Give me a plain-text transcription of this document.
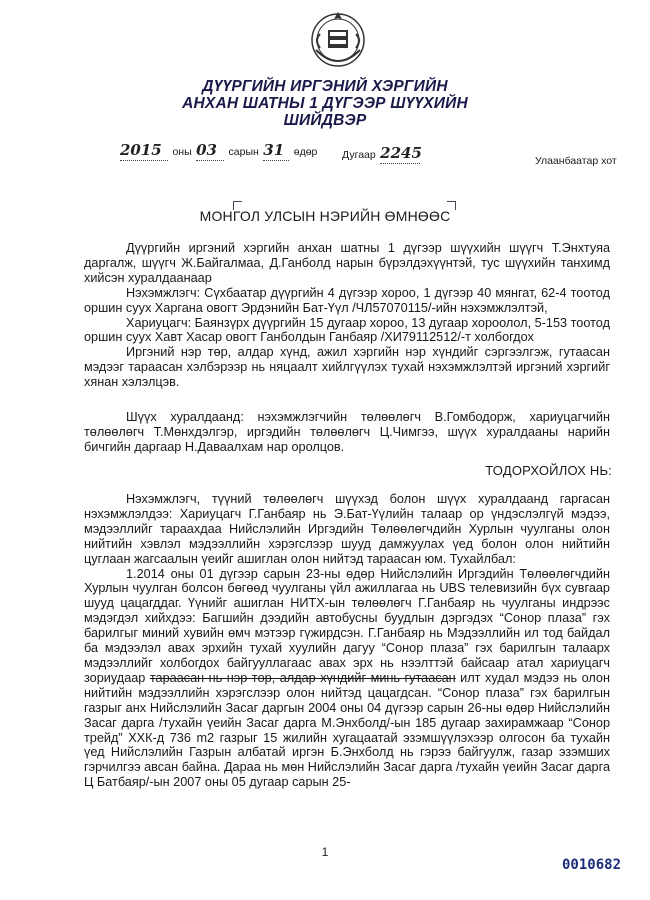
ДҮҮРГИЙН ИРГЭНИЙ ХЭРГИЙН
АНХАН ШАТНЫ 1 ДҮГЭЭР ШҮҮХИЙН
ШИЙДВЭР
2015 оны 03 сарын 31 өдөр Дугаар 2245	Улаанбаатар хот
МОНГОЛ УЛСЫН НЭРИЙН ӨМНӨӨС

Дүүргийн иргэний хэргийн анхан шатны 1 дүгээр шүүхийн шүүгч Т.Энхтуяа даргалж, шүүгч Ж.Байгалмаа, Д.Ганболд нарын бүрэлдэхүүнтэй, тус шүүхийн танхимд хийсэн хуралдаанаар

Нэхэмжлэгч: Сүхбаатар дүүргийн 4 дүгээр хороо, 1 дүгээр 40 мянгат, 62-4 тоотод оршин суух Харгана овогт Эрдэнийн Бат-Үүл /ЧЛ57070115/-ийн нэхэмжлэлтэй,

Хариуцагч: Баянзүрх дүүргийн 15 дугаар хороо, 13 дугаар хороолол, 5-153 тоотод оршин суух Хавт Хасар овогт Ганболдын Ганбаяр /ХИ79112512/-т холбогдох

Иргэний нэр төр, алдар хүнд, ажил хэргийн нэр хүндийг сэргээлгэж, гутаасан мэдээг тараасан хэлбэрээр нь няцаалт хийлгүүлэх тухай нэхэмжлэлтэй иргэний хэргийг хянан хэлэлцэв.

Шүүх хуралдаанд: нэхэмжлэгчийн төлөөлөгч В.Гомбодорж, хариуцагчийн төлөөлөгч Т.Мөнхдэлгэр, иргэдийн төлөөлөгч Ц.Чимгээ, шүүх хуралдааны нарийн бичгийн даргаар Н.Даваалхам нар оролцов.

ТОДОРХОЙЛОХ НЬ:

Нэхэмжлэгч, түүний төлөөлөгч шүүхэд болон шүүх хуралдаанд гаргасан нэхэмжлэлдээ: Хариуцагч Г.Ганбаяр нь Э.Бат-Үүлийн талаар ор үндэслэлгүй мэдээ, мэдээллийг тараахдаа Нийслэлийн Иргэдийн Төлөөлөгчдийн Хурлын чуулганы олон нийтийн хэвлэл мэдээллийн хэрэгслээр шууд дамжуулах үед болон олон нийтийн цуглаан жагсаалын үеийг ашиглан олон нийтэд тараасан юм. Тухайлбал:

1.2014 оны 01 дүгээр сарын 23-ны өдөр Нийслэлийн Иргэдийн Төлөөлөгчдийн Хурлын чуулган болсон бөгөөд чуулганы үйл ажиллагаа нь UBS телевизийн бүх сувгаар шууд цацагддаг. Үүнийг ашиглан НИТХ-ын төлөөлөгч Г.Ганбаяр нь чуулганы индрээс мэдэгдэл хийхдээ: Багшийн дээдийн автобусны буудлын дэргэдэх “Сонор плаза” гэх барилгыг миний хувийн өмч мэтээр гүжирдсэн. Г.Ганбаяр нь Мэдээллийн ил тод байдал ба мэдээлэл авах эрхийн тухай хуулийн дагуу “Сонор плаза” гэх барилгын талаарх мэдээллийг холбогдох байгууллагаас авах эрх нь нээлттэй байсаар атал хариуцагч зориудаар тараасан нь нэр төр, алдар хүндийг минь гутаасан илт худал мэдээ нь олон нийтийн мэдээллийн хэрэгслээр олон нийтэд цацагдсан. “Сонор плаза” гэх барилгын газрыг анх Нийслэлийн Засаг даргын 2004 оны 04 дүгээр сарын 26-ны өдөр Нийслэлийн Засаг дарга /тухайн үеийн Засаг дарга М.Энхболд/-ын 185 дугаар захирамжаар “Сонор трейд” ХХК-д 736 m2 газрыг 15 жилийн хугацаатай эзэмшүүлэхээр олгосон ба тухайн үед Нийслэлийн Газрын албатай иргэн Б.Энхболд нь гэрээ байгуулж, газар эзэмших гэрчилгээ авсан байна. Дараа нь мөн Нийслэлийн Засаг дарга /тухайн үеийн Засаг дарга Ц Батбаяр/-ын 2007 оны 05 дугаар сарын 25-

1
0010682
